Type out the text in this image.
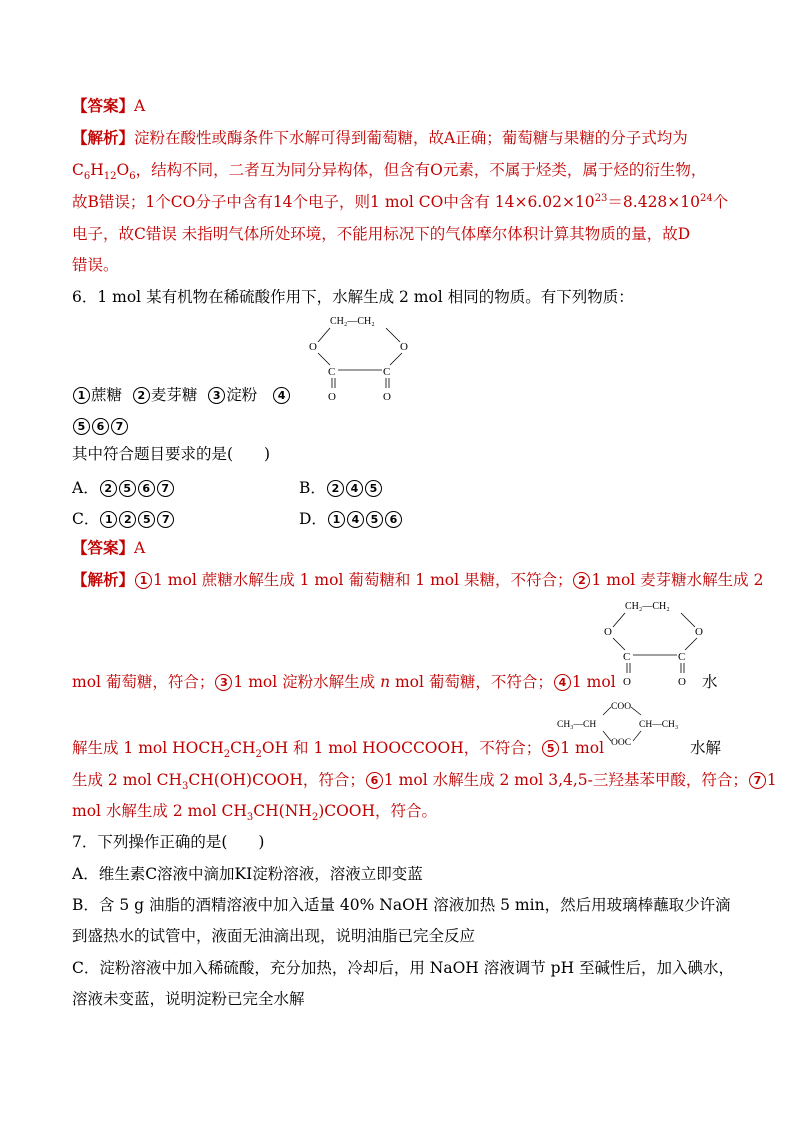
【答案】A
【解析】淀粉在酸性或酶条件下水解可得到葡萄糖，故A正确；葡萄糖与果糖的分子式均为
$C_6H_{12}O_6$，结构不同，二者互为同分异构体，但含有O元素，不属于烃类，属于烃的衍生物，
故B错误；1个CO分子中含有14个电子，则1 mol CO中含有 $14\times 6.02\times 10^{23}=8.428\times 10^{24}$个
电子，故C错误 未指明气体所处环境，不能用标况下的气体摩尔体积计算其物质的量，故D
错误。
6．1 mol 某有机物在稀硫酸作用下，水解生成 2 mol 相同的物质。有下列物质：
CH₂—CH₂
O	O
C	C
O	O
1 蔗糖 2 麦芽糖 3 淀粉 4
5 6 7
其中符合题目要求的是(　　)
A． 2 5 6 7	B． 2 4 5
C． 1 2 5 7	D． 1 4 5 6
【答案】A
【解析】 1 1 mol 蔗糖水解生成 1 mol 葡萄糖和 1 mol 果糖，不符合； 2 1 mol 麦芽糖水解生成 2
CH₂—CH₂
O	O
C	C
O	O
mol 葡萄糖，符合； 3 1 mol 淀粉水解生成 n mol 葡萄糖，不符合； 4 1 mol	水
COO
CH₃—CH	CH—CH₃
OOC
解生成 1 mol $HOCH_2CH_2OH$ 和 1 mol HOOCCOOH，不符合； 5 1 mol	水解
生成 2 mol $CH_3CH(OH)COOH$，符合； 6 1 mol 水解生成 2 mol 3,4,5-三羟基苯甲酸，符合； 7 1
mol 水解生成 2 mol $CH_3CH(NH_2)COOH$，符合。
7．下列操作正确的是(　　)
A．维生素C溶液中滴加KI淀粉溶液，溶液立即变蓝
B．含 5 g 油脂的酒精溶液中加入适量 40% NaOH 溶液加热 5 min，然后用玻璃棒蘸取少许滴
到盛热水的试管中，液面无油滴出现，说明油脂已完全反应
C．淀粉溶液中加入稀硫酸，充分加热，冷却后，用 NaOH 溶液调节 pH 至碱性后，加入碘水，
溶液未变蓝，说明淀粉已完全水解
